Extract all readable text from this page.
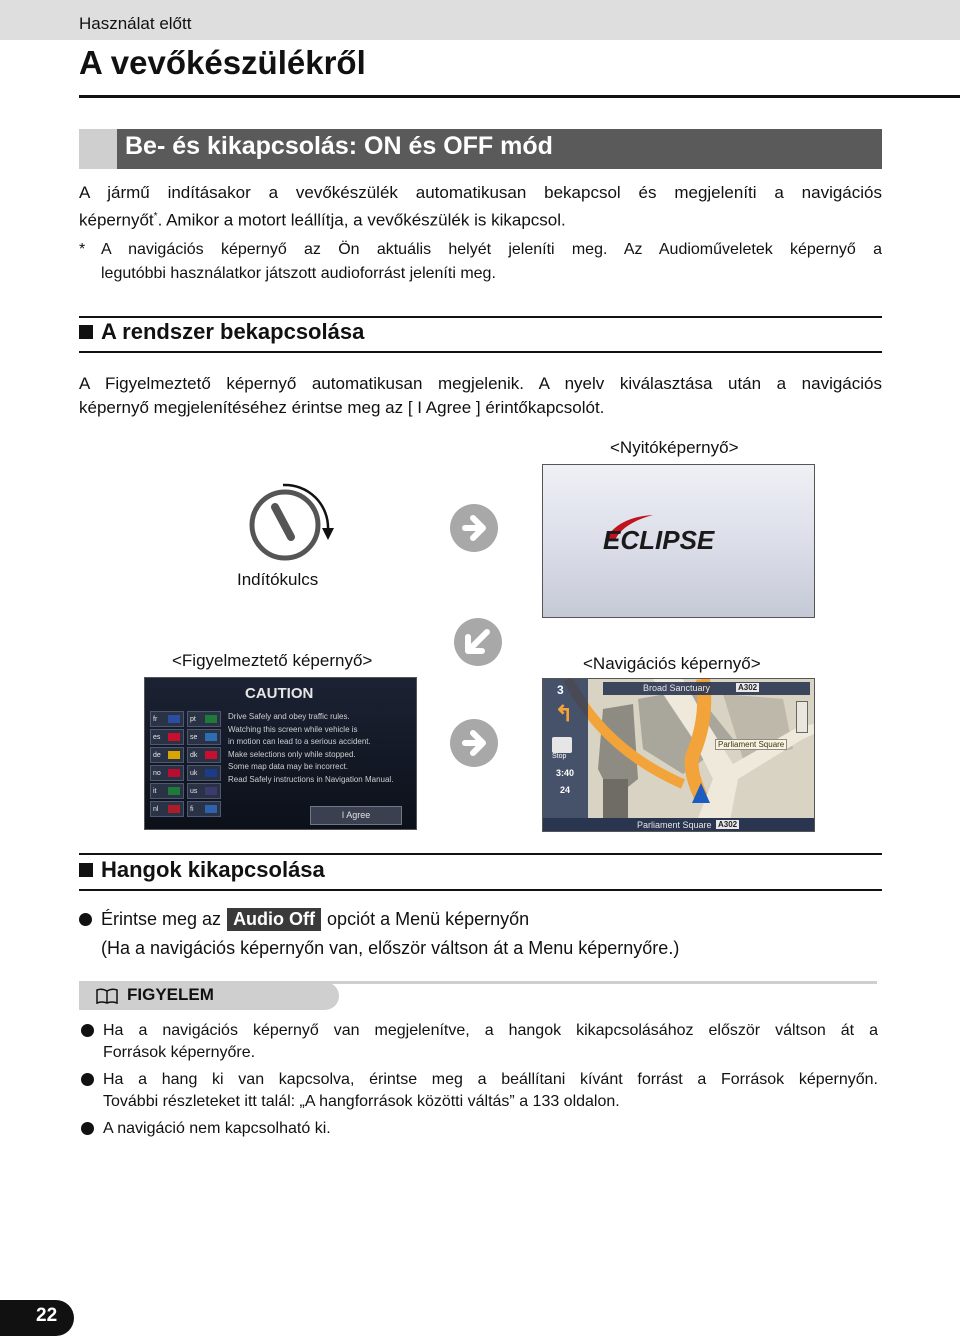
Használat előtt
A vevőkészülékről
Be- és kikapcsolás: ON és OFF mód
A jármű indításakor a vevőkészülék automatikusan bekapcsol és megjeleníti a navigációs
képernyőt*. Amikor a motort leállítja, a vevőkészülék is kikapcsol.
* A navigációs képernyő az Ön aktuális helyét jeleníti meg. Az Audioműveletek képernyő a
legutóbbi használatkor játszott audioforrást jeleníti meg.
A rendszer bekapcsolása
A Figyelmeztető képernyő automatikusan megjelenik. A nyelv kiválasztása után a navigációs
képernyő megjelenítéséhez érintse meg az [ I Agree ] érintőkapcsolót.
<Nyitóképernyő>
ECLIPSE
Indítókulcs
<Figyelmeztető képernyő>	<Navigációs képernyő>
CAUTION
fr	pt
es	se
de	dk
no	uk
it	us
nl	fi
Drive Safely and obey traffic rules.
Watching this screen while vehicle is
in motion can lead to a serious accident.
Make selections only while stopped.
Some map data may be incorrect.
Read Safely instructions in Navigation Manual.
I Agree
Broad Sanctuary	A302
Parliament Square
Parliament Square A302
3
↰
Stop
3:40
24
Hangok kikapcsolása
Érintse meg az Audio Off opciót a Menü képernyőn
(Ha a navigációs képernyőn van, először váltson át a Menu képernyőre.)
FIGYELEM
Ha a navigációs képernyő van megjelenítve, a hangok kikapcsolásához először váltson át a
Források képernyőre.
Ha a hang ki van kapcsolva, érintse meg a beállítani kívánt forrást a Források képernyőn.
További részleteket itt talál: „A hangforrások közötti váltás” a 133 oldalon.
A navigáció nem kapcsolható ki.
22
